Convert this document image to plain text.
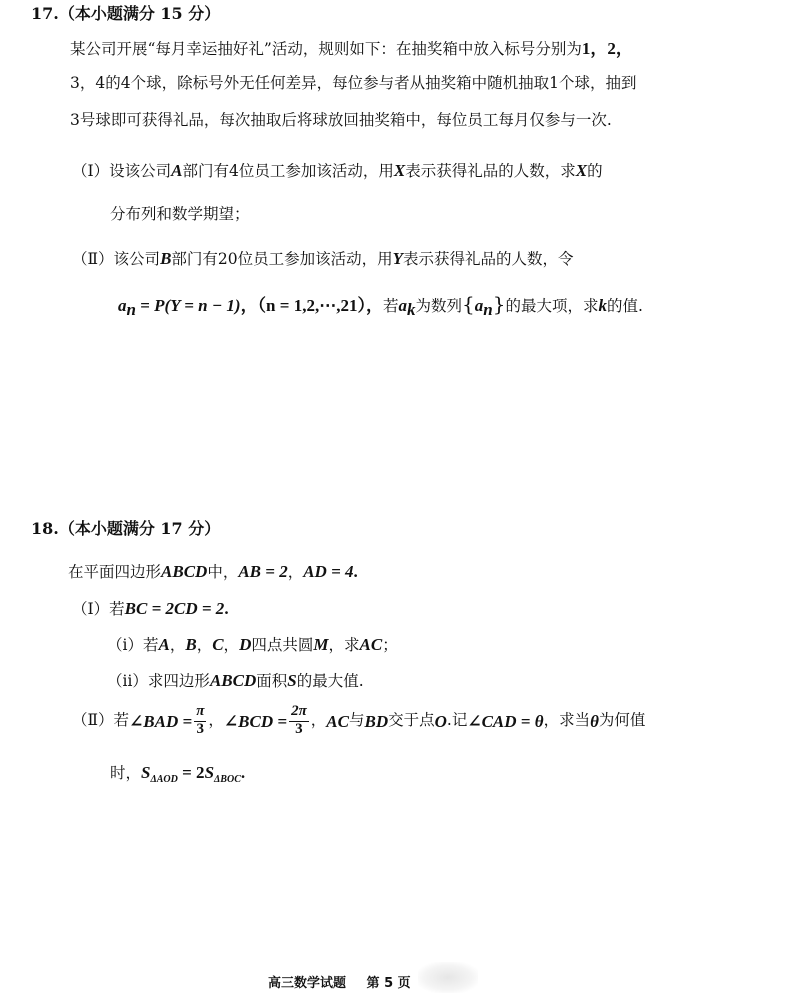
17.（本小题满分 15 分）
某公司开展“每月幸运抽好礼”活动，规则如下：在抽奖箱中放入标号分别为1，2，
3，4的4个球，除标号外无任何差异，每位参与者从抽奖箱中随机抽取1个球，抽到
3号球即可获得礼品，每次抽取后将球放回抽奖箱中，每位员工每月仅参与一次.
（Ⅰ）设该公司A部门有4位员工参加该活动，用X表示获得礼品的人数，求X的
分布列和数学期望；
（Ⅱ）该公司B部门有20位员工参加该活动，用Y表示获得礼品的人数，令
$a_n = P(Y = n - 1)$，（n = 1,2,⋯,21），若$a_k$为数列$\{a_n\}$的最大项，求k的值.
18.（本小题满分 17 分）
在平面四边形ABCD中，AB = 2，AD = 4.
（Ⅰ）若BC = 2CD = 2.
（ⅰ）若A，B，C，D四点共圆M，求AC；
（ⅱ）求四边形ABCD面积S的最大值.
（Ⅱ） 若 ∠BAD = $\frac{\pi}{3}$ ， ∠BCD = $\frac{2\pi}{3}$ ， AC 与 BD 交于点 O .记 ∠CAD = θ ，求当 θ 为何值
时，$S_{\Delta AOD} = 2S_{\Delta BOC}$.
高三数学试题 第 5 页
